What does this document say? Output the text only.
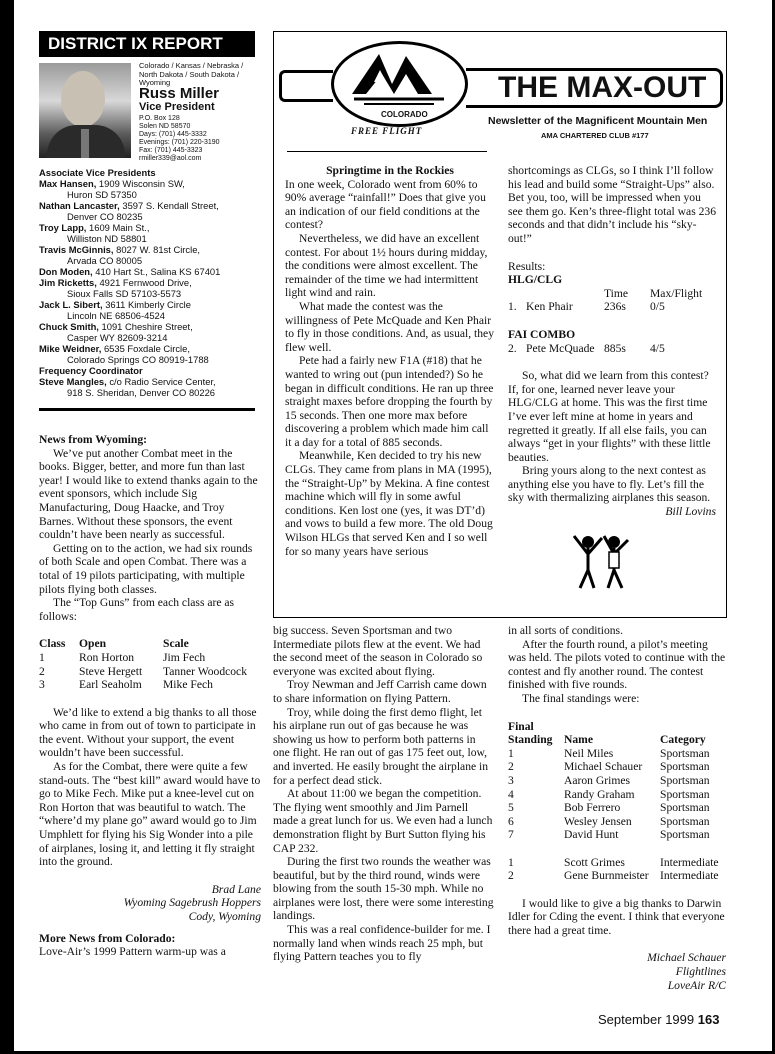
DISTRICT IX REPORT
Colorado / Kansas / Nebraska / North Dakota / South Dakota / Wyoming
Russ Miller
Vice President
P.O. Box 128
Solen ND 58570
Days: (701) 445-3332
Evenings: (701) 220-3190
Fax: (701) 445-3323
rmiller339@aol.com
Associate Vice Presidents
Max Hansen, 1909 Wisconsin SW,
Huron SD 57350
Nathan Lancaster, 3597 S. Kendall Street,
Denver CO 80235
Troy Lapp, 1609 Main St.,
Williston ND 58801
Travis McGinnis, 8027 W. 81st Circle,
Arvada CO 80005
Don Moden, 410 Hart St., Salina KS 67401
Jim Ricketts, 4921 Fernwood Drive,
Sioux Falls SD 57103-5573
Jack L. Sibert, 3611 Kimberly Circle
Lincoln NE 68506-4524
Chuck Smith, 1091 Cheshire Street,
Casper WY 82609-3214
Mike Weidner, 6535 Foxdale Circle,
Colorado Springs CO 80919-1788
Frequency Coordinator
Steve Mangles, c/o Radio Service Center,
918 S. Sheridan, Denver CO 80226
COLORADO
FREE FLIGHT
THE MAX-OUT
Newsletter of the Magnificent Mountain Men
AMA CHARTERED CLUB #177
Springtime in the Rockies

In one week, Colorado went from 60% to 90% average “rainfall!” Does that give you an indication of our field conditions at the contest?

Nevertheless, we did have an excellent contest. For about 1½ hours during midday, the conditions were almost excellent. The remainder of the time we had intermittent light wind and rain.

What made the contest was the willingness of Pete McQuade and Ken Phair to fly in those conditions. And, as usual, they flew well.

Pete had a fairly new F1A (#18) that he wanted to wring out (pun intended?) So he began in difficult conditions. He ran up three straight maxes before dropping the fourth by 15 seconds. Then one more max before discovering a problem which made him call it a day for a total of 885 seconds.

Meanwhile, Ken decided to try his new CLGs. They came from plans in MA (1995), the “Straight-Up” by Mekina. A fine contest machine which will fly in some awful conditions. Ken lost one (yes, it was DT’d) and vows to build a few more. The old Doug Wilson HLGs that served Ken and I so well for so many years have serious

shortcomings as CLGs, so I think I’ll follow his lead and build some “Straight-Ups” also. Bet you, too, will be impressed when you see them go. Ken’s three-flight total was 236 seconds and that didn’t include his “sky-out!”

Results:
HLG/CLG
		Time	Max/Flight
1.	Ken Phair	236s	0/5
FAI COMBO
2.	Pete McQuade	885s	4/5

So, what did we learn from this contest? If, for one, learned never leave your HLG/CLG at home. This was the first time I’ve ever left mine at home in years and regretted it greatly. If all else fails, you can always “get in your flights” with these little beauties.

Bring yours along to the next contest as anything else you have to fly. Let’s fill the sky with thermalizing airplanes this season.

Bill Lovins
News from Wyoming:

We’ve put another Combat meet in the books. Bigger, better, and more fun than last year! I would like to extend thanks again to the event sponsors, which include Sig Manufacturing, Doug Haacke, and Troy Barnes. Without these sponsors, the event couldn’t have been nearly as successful.

Getting on to the action, we had six rounds of both Scale and open Combat. There was a total of 19 pilots participating, with multiple pilots flying both classes.

The “Top Guns” from each class are as follows:

Class	Open	Scale
1	Ron Horton	Jim Fech
2	Steve Hergett	Tanner Woodcock
3	Earl Seaholm	Mike Fech

We’d like to extend a big thanks to all those who came in from out of town to participate in the event. Without your support, the event wouldn’t have been successful.

As for the Combat, there were quite a few stand-outs. The “best kill” award would have to go to Mike Fech. Mike put a knee-level cut on Ron Horton that was beautiful to watch. The “where’d my plane go” award would go to Jim Umphlett for flying his Sig Wonder into a pile of airplanes, losing it, and letting it fly straight into the ground.

Brad Lane
Wyoming Sagebrush Hoppers
Cody, Wyoming
More News from Colorado:

Love-Air’s 1999 Pattern warm-up was a

big success. Seven Sportsman and two Intermediate pilots flew at the event. We had the second meet of the season in Colorado so everyone was excited about flying.

Troy Newman and Jeff Carrish came down to share information on flying Pattern.

Troy, while doing the first demo flight, let his airplane run out of gas because he was showing us how to perform both patterns in one flight. He ran out of gas 175 feet out, low, and inverted. He easily brought the airplane in for a perfect dead stick.

At about 11:00 we began the competition. The flying went smoothly and Jim Parnell made a great lunch for us. We even had a lunch demonstration flight by Burt Sutton flying his CAP 232.

During the first two rounds the weather was beautiful, but by the third round, winds were blowing from the south 15-30 mph. While no airplanes were lost, there were some interesting landings.

This was a real confidence-builder for me. I normally land when winds reach 25 mph, but flying Pattern teaches you to fly

in all sorts of conditions.

After the fourth round, a pilot’s meeting was held. The pilots voted to continue with the contest and fly another round. The contest finished with five rounds.

The final standings were:

Final
Standing	Name	Category
1	Neil Miles	Sportsman
2	Michael Schauer	Sportsman
3	Aaron Grimes	Sportsman
4	Randy Graham	Sportsman
5	Bob Ferrero	Sportsman
6	Wesley Jensen	Sportsman
7	David Hunt	Sportsman

1	Scott Grimes	Intermediate
2	Gene Burnmeister	Intermediate

I would like to give a big thanks to Darwin Idler for Cding the event. I think that everyone there had a great time.

Michael Schauer
Flightlines
LoveAir R/C
September 1999 163
